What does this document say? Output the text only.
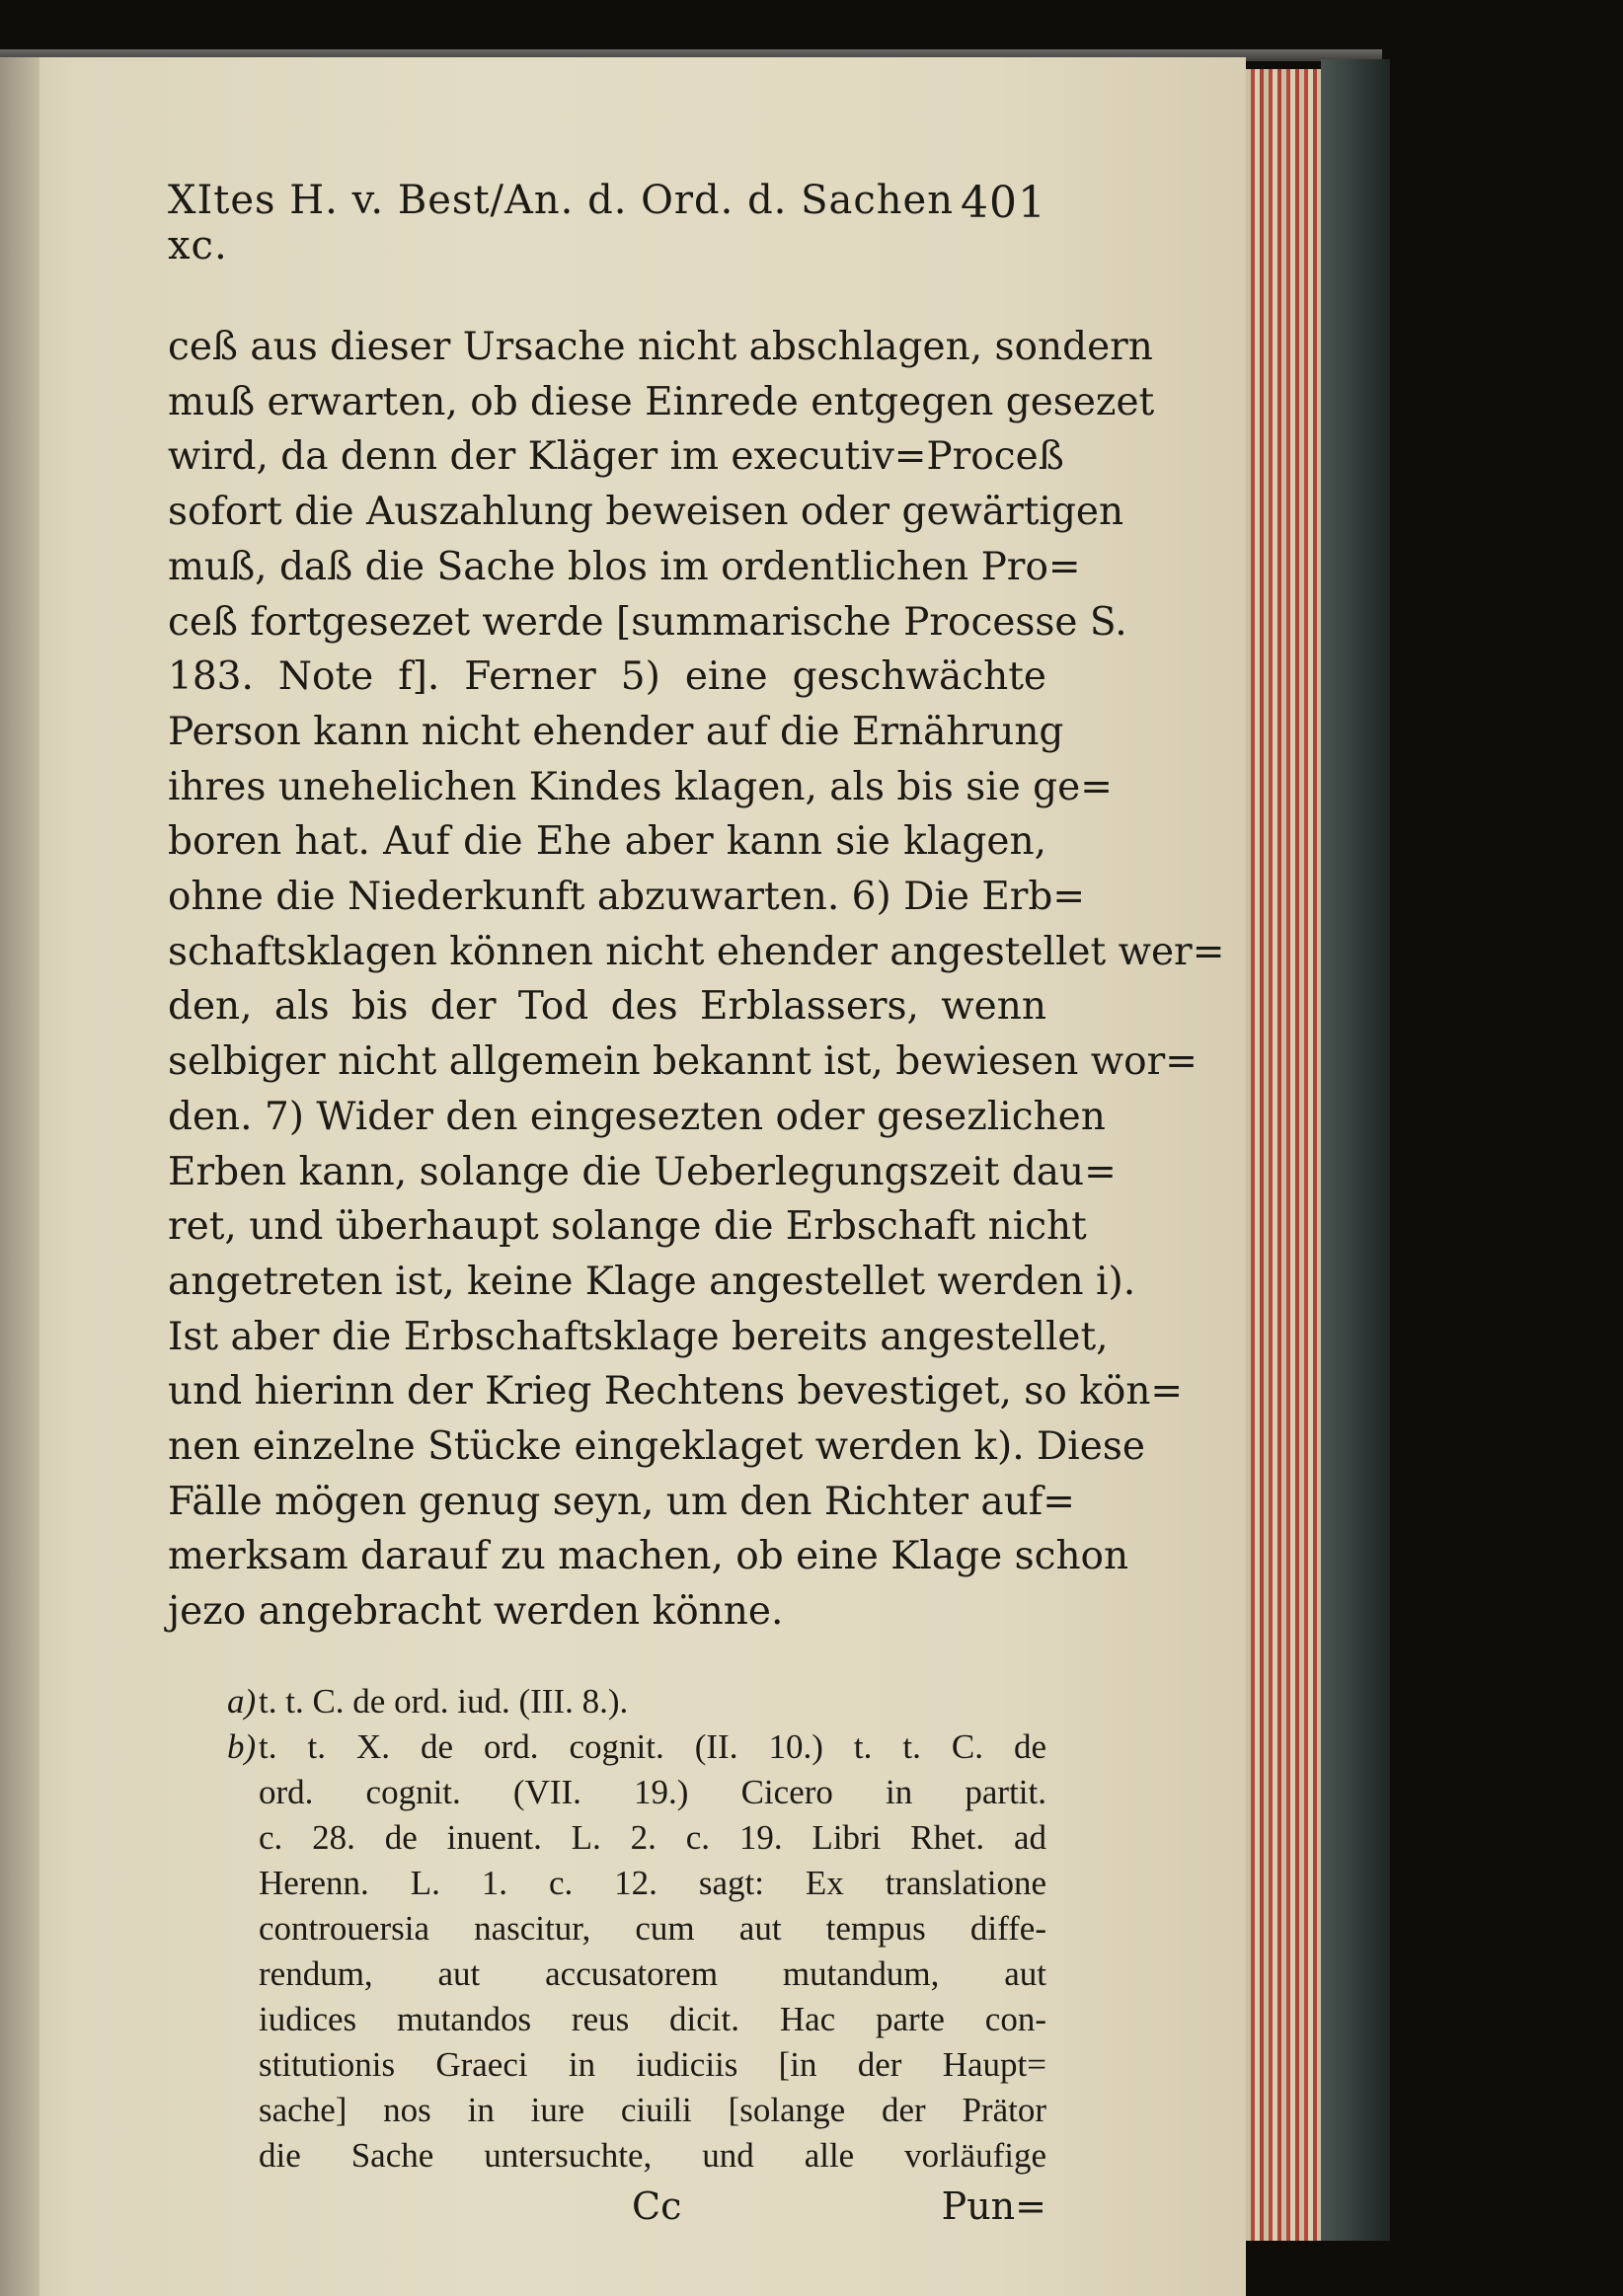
XItes H. v. Best/An. d. Ord. d. Sachen xc.
401
ceß aus dieser Ursache nicht abschlagen, sondern
muß erwarten, ob diese Einrede entgegen gesezet
wird, da denn der Kläger im executiv=Proceß
sofort die Auszahlung beweisen oder gewärtigen
muß, daß die Sache blos im ordentlichen Pro=
ceß fortgesezet werde [summarische Processe S.
183. Note f]. Ferner 5) eine geschwächte
Person kann nicht ehender auf die Ernährung
ihres unehelichen Kindes klagen, als bis sie ge=
boren hat. Auf die Ehe aber kann sie klagen,
ohne die Niederkunft abzuwarten. 6) Die Erb=
schaftsklagen können nicht ehender angestellet wer=
den, als bis der Tod des Erblassers, wenn
selbiger nicht allgemein bekannt ist, bewiesen wor=
den. 7) Wider den eingesezten oder gesezlichen
Erben kann, solange die Ueberlegungszeit dau=
ret, und überhaupt solange die Erbschaft nicht
angetreten ist, keine Klage angestellet werden i).
Ist aber die Erbschaftsklage bereits angestellet,
und hierinn der Krieg Rechtens bevestiget, so kön=
nen einzelne Stücke eingeklaget werden k). Diese
Fälle mögen genug seyn, um den Richter auf=
merksam darauf zu machen, ob eine Klage schon
jezo angebracht werden könne.
a)t. t. C. de ord. iud. (III. 8.).
b)t. t. X. de ord. cognit. (II. 10.) t. t. C. de
ord. cognit. (VII. 19.) Cicero in partit.
c. 28. de inuent. L. 2. c. 19. Libri Rhet. ad
Herenn. L. 1. c. 12. sagt: Ex translatione
controuersia nascitur, cum aut tempus diffe-
rendum, aut accusatorem mutandum, aut
iudices mutandos reus dicit. Hac parte con-
stitutionis Graeci in iudiciis [in der Haupt=
sache] nos in iure ciuili [solange der Prätor
die Sache untersuchte, und alle vorläufige
Cc	Pun=
